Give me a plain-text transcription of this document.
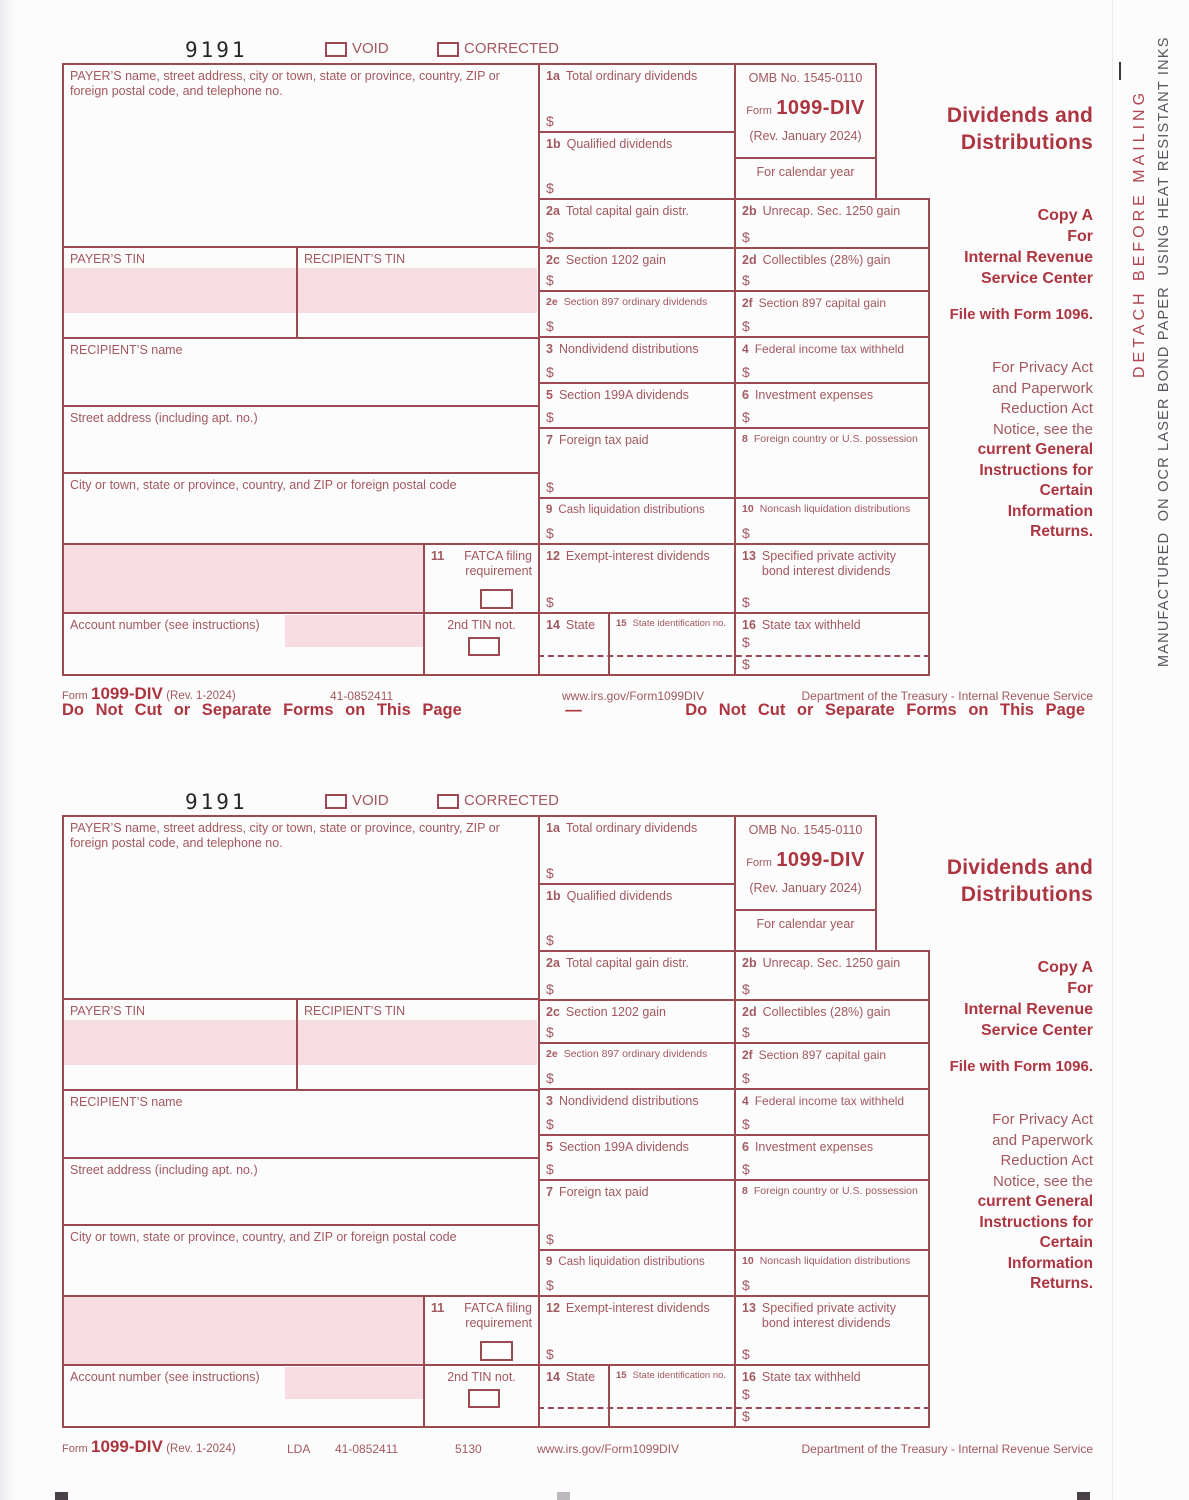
9191	VOID	CORRECTED
PAYER’S name, street address, city or town, state or province, country, ZIP or foreign postal code, and telephone no.
PAYER’S TIN	RECIPIENT’S TIN
RECIPIENT’S name
Street address (including apt. no.)
City or town, state or province, country, and ZIP or foreign postal code
11	FATCA filing requirement
Account number (see instructions)	2nd TIN not.
1a Total ordinary dividends
$
1b Qualified dividends
$
2a Total capital gain distr.
$
2c Section 1202 gain
$
2e Section 897 ordinary dividends
$
3 Nondividend distributions
$
5 Section 199A dividends
$
7 Foreign tax paid
$
9 Cash liquidation distributions
$
12 Exempt-interest dividends
$
14 State	15 State identification no.
OMB No. 1545-0110
Form 1099-DIV
(Rev. January 2024)
For calendar year
2b Unrecap. Sec. 1250 gain
$
2d Collectibles (28%) gain
$
2f Section 897 capital gain
$
4 Federal income tax withheld
$
6 Investment expenses
$
8 Foreign country or U.S. possession
10 Noncash liquidation distributions
$
13 Specified private activity bond interest dividends
$
16 State tax withheld
$
$
Dividends and
Distributions
Copy A
For
Internal Revenue
Service Center
File with Form 1096.
For Privacy Act
and Paperwork
Reduction Act
Notice, see the
current General
Instructions for
Certain
Information
Returns.
9191	VOID	CORRECTED
PAYER’S name, street address, city or town, state or province, country, ZIP or foreign postal code, and telephone no.
PAYER’S TIN	RECIPIENT’S TIN
RECIPIENT’S name
Street address (including apt. no.)
City or town, state or province, country, and ZIP or foreign postal code
11	FATCA filing requirement
Account number (see instructions)	2nd TIN not.
1a Total ordinary dividends
$
1b Qualified dividends
$
2a Total capital gain distr.
$
2c Section 1202 gain
$
2e Section 897 ordinary dividends
$
3 Nondividend distributions
$
5 Section 199A dividends
$
7 Foreign tax paid
$
9 Cash liquidation distributions
$
12 Exempt-interest dividends
$
14 State	15 State identification no.
OMB No. 1545-0110
Form 1099-DIV
(Rev. January 2024)
For calendar year
2b Unrecap. Sec. 1250 gain
$
2d Collectibles (28%) gain
$
2f Section 897 capital gain
$
4 Federal income tax withheld
$
6 Investment expenses
$
8 Foreign country or U.S. possession
10 Noncash liquidation distributions
$
13 Specified private activity bond interest dividends
$
16 State tax withheld
$
$
Dividends and
Distributions
Copy A
For
Internal Revenue
Service Center
File with Form 1096.
For Privacy Act
and Paperwork
Reduction Act
Notice, see the
current General
Instructions for
Certain
Information
Returns.
Form 1099-DIV (Rev. 1-2024)	41-0852411	www.irs.gov/Form1099DIV	Department of the Treasury - Internal Revenue Service
Do Not Cut or Separate Forms on This Page	—	Do Not Cut or Separate Forms on This Page
Form 1099-DIV (Rev. 1-2024)	LDA 41-0852411	5130	www.irs.gov/Form1099DIV	Department of the Treasury - Internal Revenue Service
DETACH BEFORE MAILING MANUFACTURED  ON OCR LASER BOND PAPER  USING HEAT RESISTANT INKS
